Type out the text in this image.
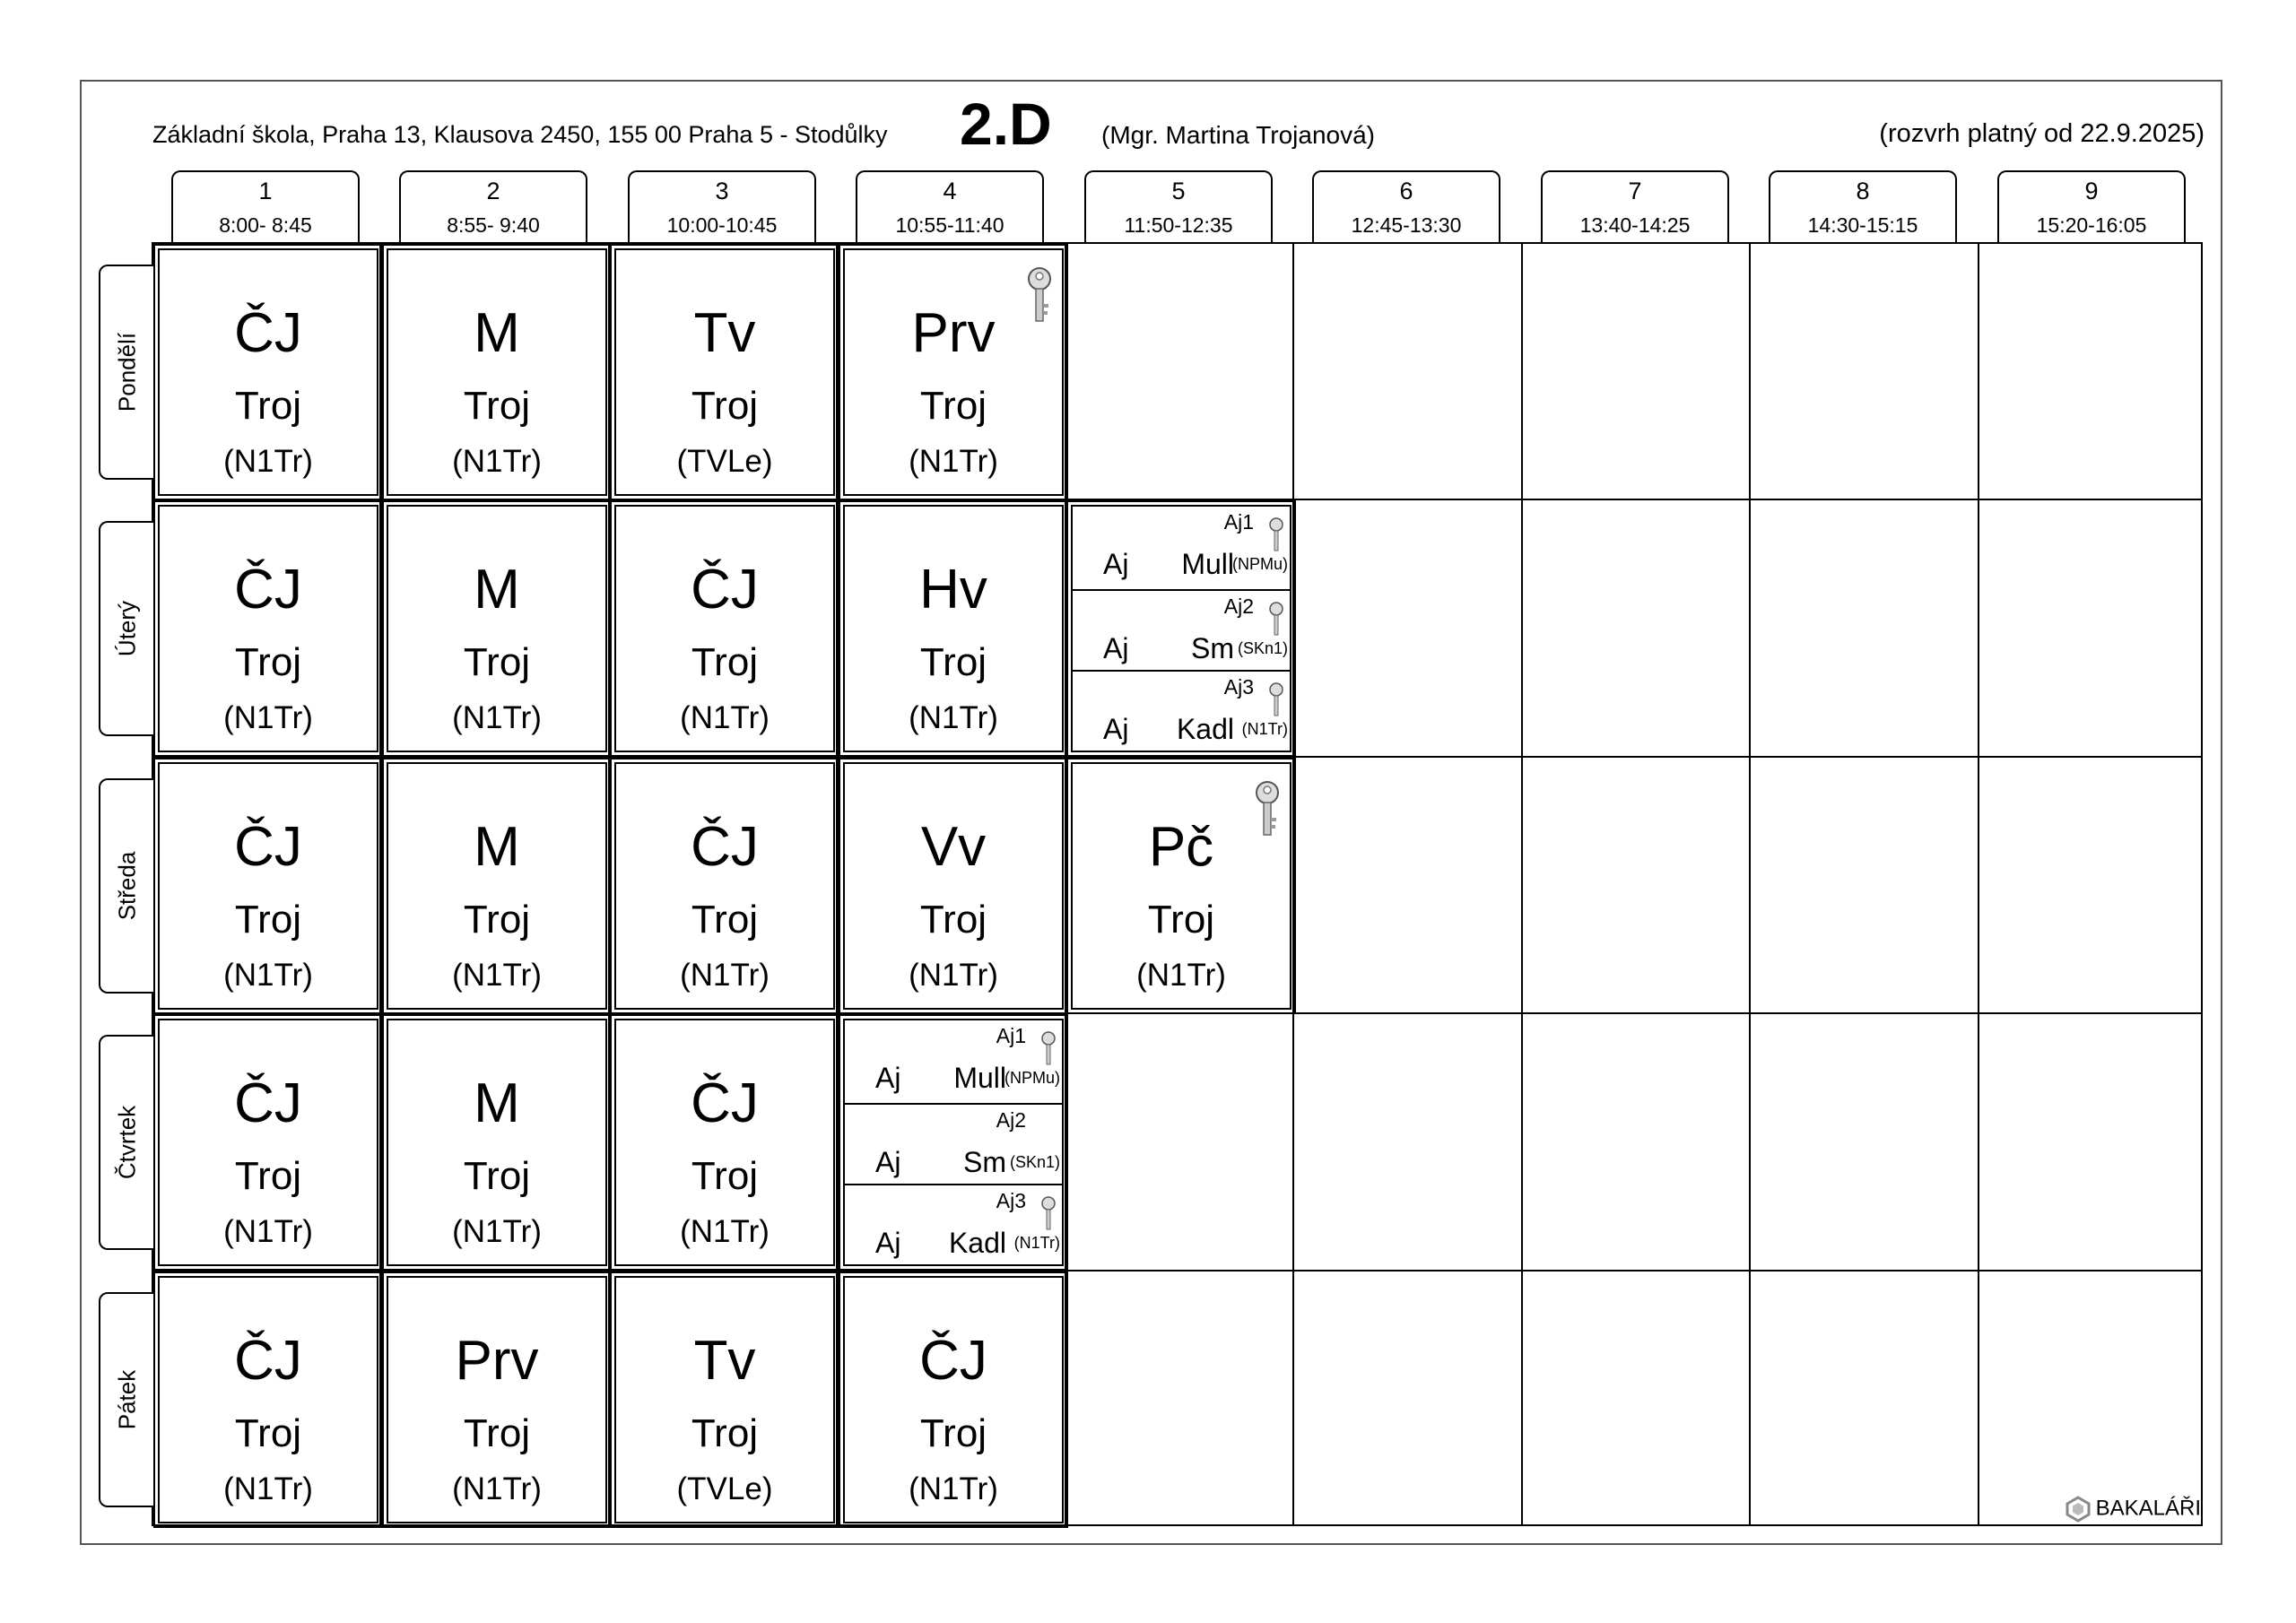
Základní škola, Praha 13, Klausova 2450, 155 00 Praha 5 - Stodůlky 2.D (Mgr. Martina Trojanová)	(rozvrh platný od 22.9.2025)
1
8:00- 8:45
2
8:55- 9:40
3
10:00-10:45
4
10:55-11:40
5
11:50-12:35
6
12:45-13:30
7
13:40-14:25
8
14:30-15:15
9
15:20-16:05
Pondělí
Úterý
Středa
Čtvrtek
Pátek
ČJ
Troj
(N1Tr)
M
Troj
(N1Tr)
Tv
Troj
(TVLe)
Prv
Troj
(N1Tr)
ČJ
Troj
(N1Tr)
M
Troj
(N1Tr)
ČJ
Troj
(N1Tr)
Hv
Troj
(N1Tr)
Aj1
Aj Mull
(NPMu)
Aj2
Aj Sm (SKn1)
Aj3
Aj Kadl (N1Tr)
ČJ
Troj
(N1Tr)
M
Troj
(N1Tr)
ČJ
Troj
(N1Tr)
Vv
Troj
(N1Tr)
Pč
Troj
(N1Tr)
ČJ
Troj
(N1Tr)
M
Troj
(N1Tr)
ČJ
Troj
(N1Tr)
Aj1
Aj Mull
(NPMu)
Aj2
Aj Sm (SKn1)
Aj3
Aj Kadl (N1Tr)
ČJ
Troj
(N1Tr)
Prv
Troj
(N1Tr)
Tv
Troj
(TVLe)
ČJ
Troj
(N1Tr)
BAKALÁŘI
